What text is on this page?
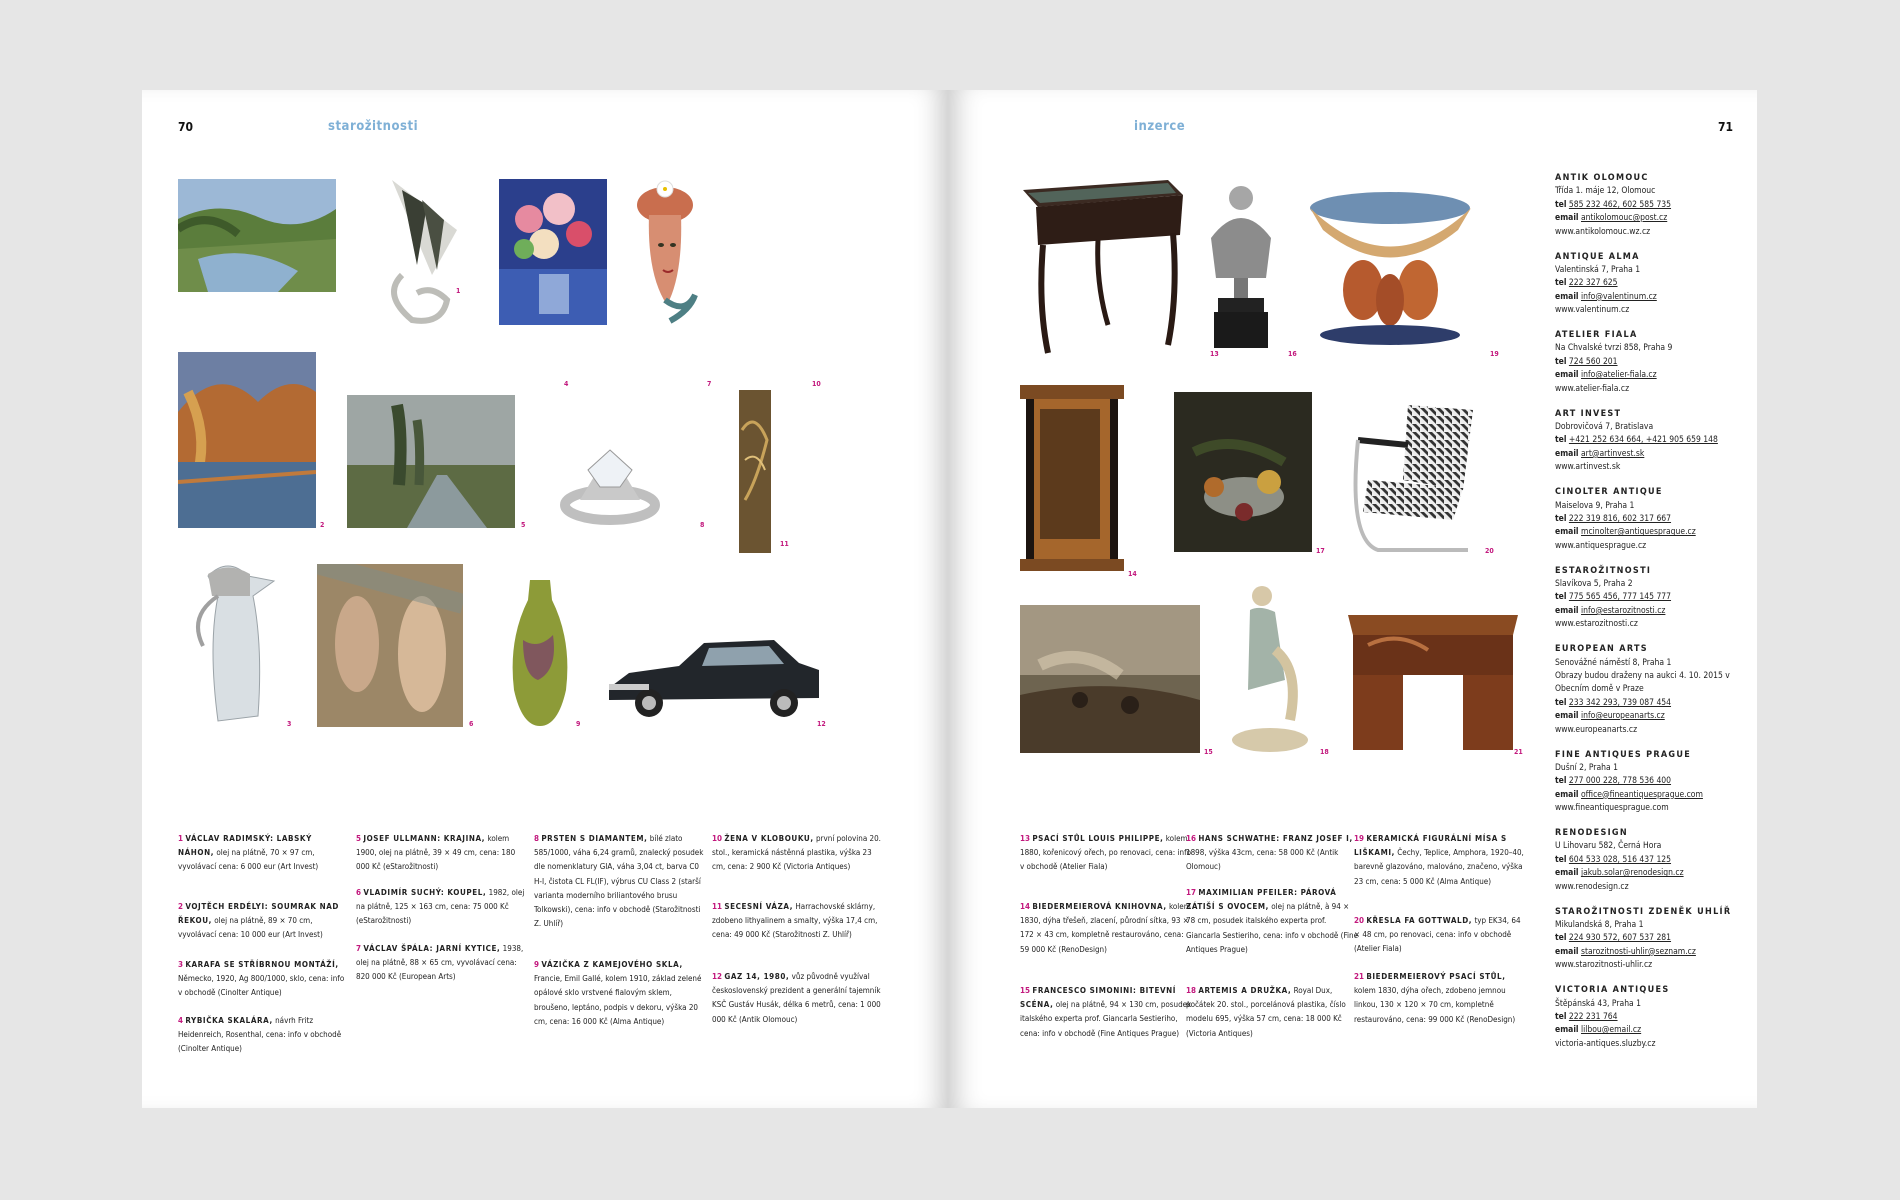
70	starožitnosti
1
4	7	10
2	5	8
11
3	6	9	12
1 VÁCLAV RADIMSKÝ: LABSKÝ NÁHON, olej na plátně, 70 × 97 cm, vyvolávací cena: 6 000 eur (Art Invest)
2 VOJTĚCH ERDÉLYI: SOUMRAK NAD ŘEKOU, olej na plátně, 89 × 70 cm, vyvolávací cena: 10 000 eur (Art Invest)
3 KARAFA SE STŘÍBRNOU MONTÁŽÍ, Německo, 1920, Ag 800/1000, sklo, cena: info v obchodě (Cinolter Antique)
4 RYBIČKA SKALÁRA, návrh Fritz Heidenreich, Rosenthal, cena: info v obchodě (Cinolter Antique)
5 JOSEF ULLMANN: KRAJINA, kolem 1900, olej na plátně, 39 × 49 cm, cena: 180 000 Kč (eStarožitnosti)
6 VLADIMÍR SUCHÝ: KOUPEL, 1982, olej na plátně, 125 × 163 cm, cena: 75 000 Kč (eStarožitnosti)
7 VÁCLAV ŠPÁLA: JARNÍ KYTICE, 1938, olej na plátně, 88 × 65 cm, vyvolávací cena: 820 000 Kč (European Arts)
8 PRSTEN S DIAMANTEM, bílé zlato 585/1000, váha 6,24 gramů, znalecký posudek dle nomenklatury GIA, váha 3,04 ct, barva C0 H-I, čistota CL FL(IF), výbrus CU Class 2 (starší varianta moderního briliantového brusu Tolkowski), cena: info v obchodě (Starožitnosti Z. Uhlíř)
9 VÁZIČKA Z KAMEJOVÉHO SKLA, Francie, Emil Gallé, kolem 1910, základ zelené opálové sklo vrstvené fialovým sklem, broušeno, leptáno, podpis v dekoru, výška 20 cm, cena: 16 000 Kč (Alma Antique)
10 ŽENA V KLOBOUKU, první polovina 20. stol., keramická nástěnná plastika, výška 23 cm, cena: 2 900 Kč (Victoria Antiques)
11 SECESNÍ VÁZA, Harrachovské sklárny, zdobeno lithyalinem a smalty, výška 17,4 cm, cena: 49 000 Kč (Starožitnosti Z. Uhlíř)
12 GAZ 14, 1980, vůz původně využíval československý prezident a generální tajemník KSČ Gustáv Husák, délka 6 metrů, cena: 1 000 000 Kč (Antik Olomouc)
71
inzerce
13	16	19
14
17	20
15	18	21
13 PSACÍ STŮL LOUIS PHILIPPE, kolem 1880, kořenicový ořech, po renovaci, cena: info v obchodě (Atelier Fiala)
14 BIEDERMEIEROVÁ KNIHOVNA, kolem 1830, dýha třešeň, zlacení, půrodní sítka, 93 × 172 × 43 cm, kompletně restaurováno, cena: 59 000 Kč (RenoDesign)
15 FRANCESCO SIMONINI: BITEVNÍ SCÉNA, olej na plátně, 94 × 130 cm, posudek italského experta prof. Giancarla Sestieriho, cena: info v obchodě (Fine Antiques Prague)
16 HANS SCHWATHE: FRANZ JOSEF I, 1898, výška 43cm, cena: 58 000 Kč (Antik Olomouc)
17 MAXIMILIAN PFEILER: PÁROVÁ ZÁTIŠÍ S OVOCEM, olej na plátně, à 94 × 78 cm, posudek italského experta prof. Giancarla Sestieriho, cena: info v obchodě (Fine Antiques Prague)
18 ARTEMIS A DRUŽKA, Royal Dux, počátek 20. stol., porcelánová plastika, číslo modelu 695, výška 57 cm, cena: 18 000 Kč (Victoria Antiques)
19 KERAMICKÁ FIGURÁLNÍ MÍSA S LIŠKAMI, Čechy, Teplice, Amphora, 1920–40, barevně glazováno, malováno, značeno, výška 23 cm, cena: 5 000 Kč (Alma Antique)
20 KŘESLA FA GOTTWALD, typ EK34, 64 × 48 cm, po renovaci, cena: info v obchodě (Atelier Fiala)
21 BIEDERMEIEROVÝ PSACÍ STŮL, kolem 1830, dýha ořech, zdobeno jemnou linkou, 130 × 120 × 70 cm, kompletně restaurováno, cena: 99 000 Kč (RenoDesign)
ANTIK OLOMOUC
Třída 1. máje 12, Olomouc
tel 585 232 462, 602 585 735
email antikolomouc@post.cz
www.antikolomouc.wz.cz
ANTIQUE ALMA
Valentinská 7, Praha 1
tel 222 327 625
email info@valentinum.cz
www.valentinum.cz
ATELIER FIALA
Na Chvalské tvrzi 858, Praha 9
tel 724 560 201
email info@atelier-fiala.cz
www.atelier-fiala.cz
ART INVEST
Dobrovičová 7, Bratislava
tel +421 252 634 664, +421 905 659 148
email art@artinvest.sk
www.artinvest.sk
CINOLTER ANTIQUE
Maiselova 9, Praha 1
tel 222 319 816, 602 317 667
email mcinolter@antiquesprague.cz
www.antiquesprague.cz
ESTAROŽITNOSTI
Slavíkova 5, Praha 2
tel 775 565 456, 777 145 777
email info@estarozitnosti.cz
www.estarozitnosti.cz
EUROPEAN ARTS
Senovážné náměstí 8, Praha 1
Obrazy budou draženy na aukci 4. 10. 2015 v Obecním domě v Praze
tel 233 342 293, 739 087 454
email info@europeanarts.cz
www.europeanarts.cz
FINE ANTIQUES PRAGUE
Dušní 2, Praha 1
tel 277 000 228, 778 536 400
email office@fineantiquesprague.com
www.fineantiquesprague.com
RENODESIGN
U Lihovaru 582, Černá Hora
tel 604 533 028, 516 437 125
email jakub.solar@renodesign.cz
www.renodesign.cz
STAROŽITNOSTI ZDENĚK UHLÍŘ
Mikulandská 8, Praha 1
tel 224 930 572, 607 537 281
email starozitnosti-uhlir@seznam.cz
www.starozitnosti-uhlir.cz
VICTORIA ANTIQUES
Štěpánská 43, Praha 1
tel 222 231 764
email lilbou@email.cz
victoria-antiques.sluzby.cz
